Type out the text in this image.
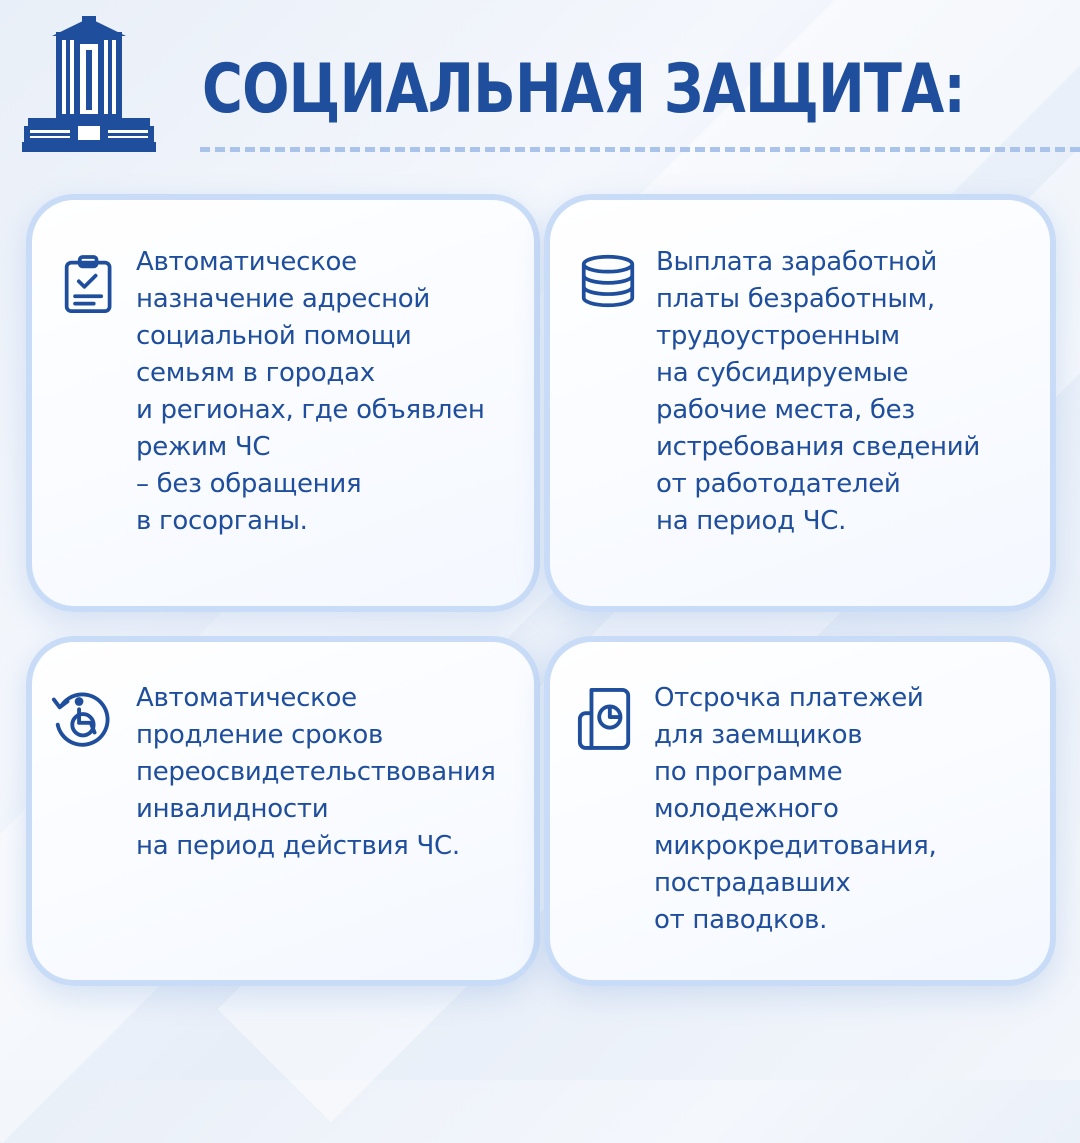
СОЦИАЛЬНАЯ ЗАЩИТА:

Автоматическое
назначение адресной
социальной помощи
семьям в городах
и регионах, где объявлен
режим ЧС
– без обращения
в госорганы.

Выплата заработной
платы безработным,
трудоустроенным
на субсидируемые
рабочие места, без
истребования сведений
от работодателей
на период ЧС.

Автоматическое
продление сроков
переосвидетельствования
инвалидности
на период действия ЧС.

Отсрочка платежей
для заемщиков
по программе
молодежного
микрокредитования,
пострадавших
от паводков.
